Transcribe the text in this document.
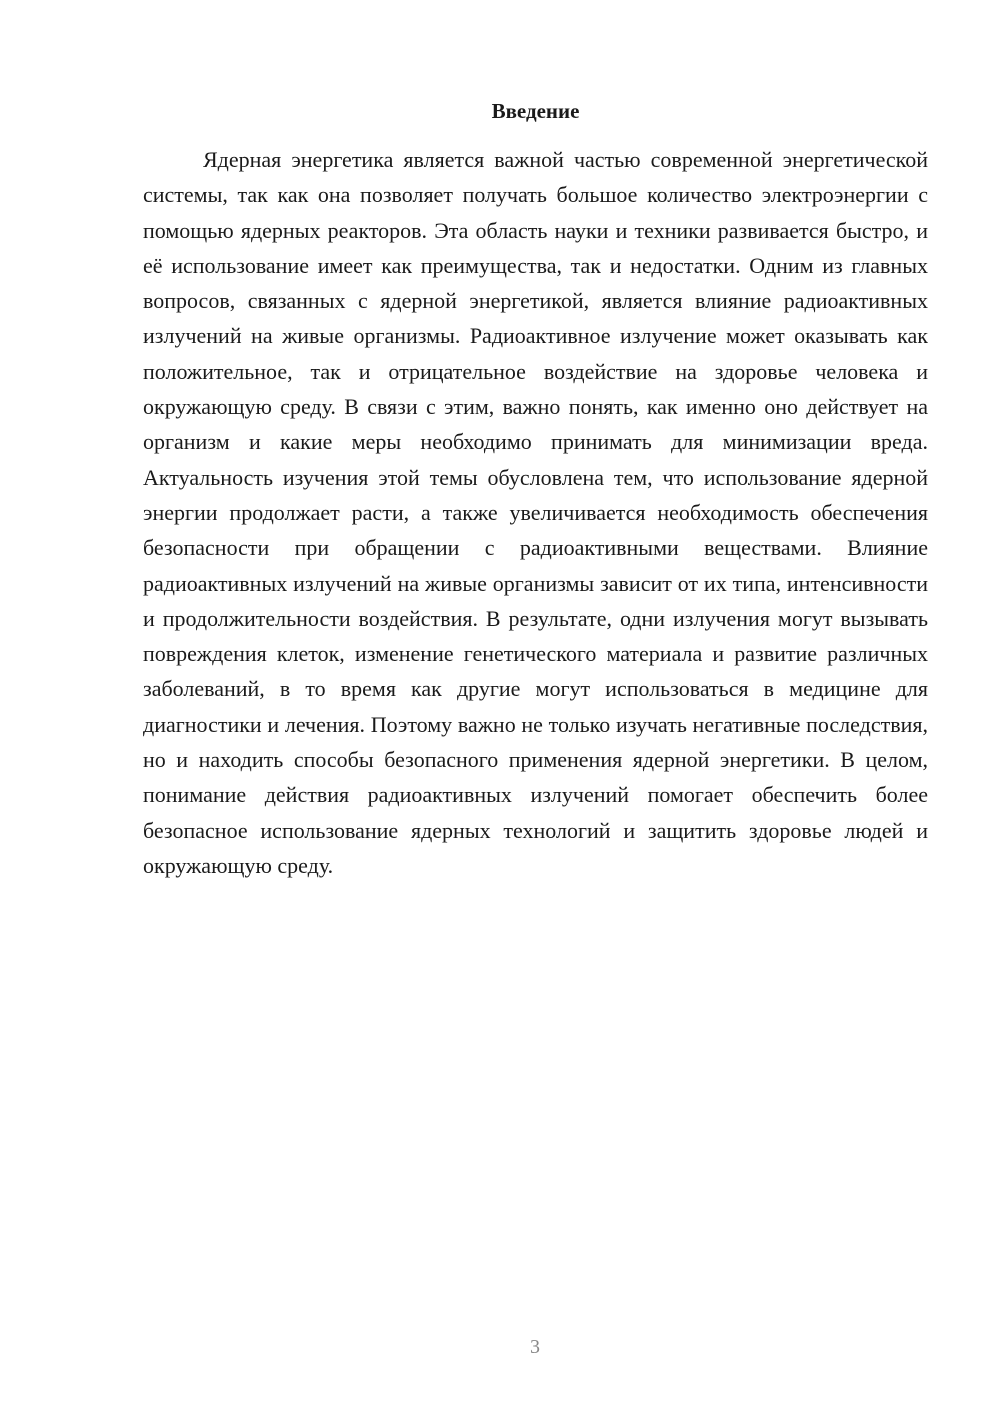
Введение

Ядерная энергетика является важной частью современной энергетической системы, так как она позволяет получать большое количество электроэнергии с помощью ядерных реакторов. Эта область науки и техники развивается быстро, и её использование имеет как преимущества, так и недостатки. Одним из главных вопросов, связанных с ядерной энергетикой, является влияние радиоактивных излучений на живые организмы. Радиоактивное излучение может оказывать как положительное, так и отрицательное воздействие на здоровье человека и окружающую среду. В связи с этим, важно понять, как именно оно действует на организм и какие меры необходимо принимать для минимизации вреда. Актуальность изучения этой темы обусловлена тем, что использование ядерной энергии продолжает расти, а также увеличивается необходимость обеспечения безопасности при обращении с радиоактивными веществами. Влияние радиоактивных излучений на живые организмы зависит от их типа, интенсивности и продолжительности воздействия. В результате, одни излучения могут вызывать повреждения клеток, изменение генетического материала и развитие различных заболеваний, в то время как другие могут использоваться в медицине для диагностики и лечения. Поэтому важно не только изучать негативные последствия, но и находить способы безопасного применения ядерной энергетики. В целом, понимание действия радиоактивных излучений помогает обеспечить более безопасное использование ядерных технологий и защитить здоровье людей и окружающую среду.

3
